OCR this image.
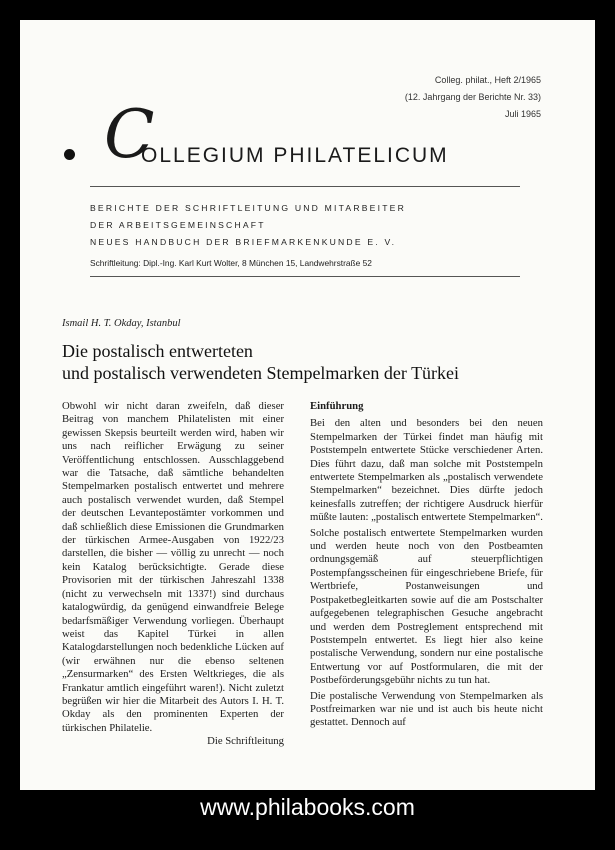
Colleg. philat., Heft 2/1965
(12. Jahrgang der Berichte Nr. 33)
Juli 1965
C
OLLEGIUM PHILATELICUM
BERICHTE DER SCHRIFTLEITUNG UND MITARBEITER
DER ARBEITSGEMEINSCHAFT
NEUES HANDBUCH DER BRIEFMARKENKUNDE E. V.
Schriftleitung: Dipl.-Ing. Karl Kurt Wolter, 8 München 15, Landwehrstraße 52
Ismail H. T. Okday, Istanbul
Die postalisch entwerteten
und postalisch verwendeten Stempelmarken der Türkei

Obwohl wir nicht daran zweifeln, daß dieser Beitrag von manchem Philatelisten mit einer gewissen Skepsis beurteilt werden wird, haben wir uns nach reiflicher Erwägung zu seiner Veröffentlichung entschlossen. Ausschlaggebend war die Tatsache, daß sämtliche behandelten Stempelmarken postalisch entwertet und mehrere auch postalisch verwendet wurden, daß Stempel der deutschen Levantepostämter vorkommen und daß schließlich diese Emissionen die Grundmarken der türkischen Armee-Ausgaben von 1922/23 darstellen, die bisher — völlig zu unrecht — noch kein Katalog berücksichtigte. Gerade diese Provisorien mit der türkischen Jahreszahl 1338 (nicht zu verwechseln mit 1337!) sind durchaus katalogwürdig, da genügend einwandfreie Belege bedarfsmäßiger Verwendung vorliegen. Überhaupt weist das Kapitel Türkei in allen Katalogdarstellungen noch bedenkliche Lücken auf (wir erwähnen nur die ebenso seltenen „Zensurmarken“ des Ersten Weltkrieges, die als Frankatur amtlich eingeführt waren!). Nicht zuletzt begrüßen wir hier die Mitarbeit des Autors I. H. T. Okday als den prominenten Experten der türkischen Philatelie.

Die Schriftleitung

Einführung

Bei den alten und besonders bei den neuen Stempelmarken der Türkei findet man häufig mit Poststempeln entwertete Stücke verschiedener Arten. Dies führt dazu, daß man solche mit Poststempeln entwertete Stempelmarken als „postalisch verwendete Stempelmarken“ bezeichnet. Dies dürfte jedoch keinesfalls zutreffen; der richtigere Ausdruck hierfür müßte lauten: „postalisch entwertete Stempelmarken“.

Solche postalisch entwertete Stempelmarken wurden und werden heute noch von den Postbeamten ordnungsgemäß auf steuerpflichtigen Postempfangsscheinen für eingeschriebene Briefe, für Wertbriefe, Postanweisungen und Postpaketbegleitkarten sowie auf die am Postschalter aufgegebenen telegraphischen Gesuche angebracht und werden dem Postreglement entsprechend mit Poststempeln entwertet. Es liegt hier also keine postalische Verwendung, sondern nur eine postalische Entwertung vor auf Postformularen, die mit der Postbeförderungsgebühr nichts zu tun hat.

Die postalische Verwendung von Stempelmarken als Postfreimarken war nie und ist auch bis heute nicht gestattet. Dennoch auf

www.philabooks.com
